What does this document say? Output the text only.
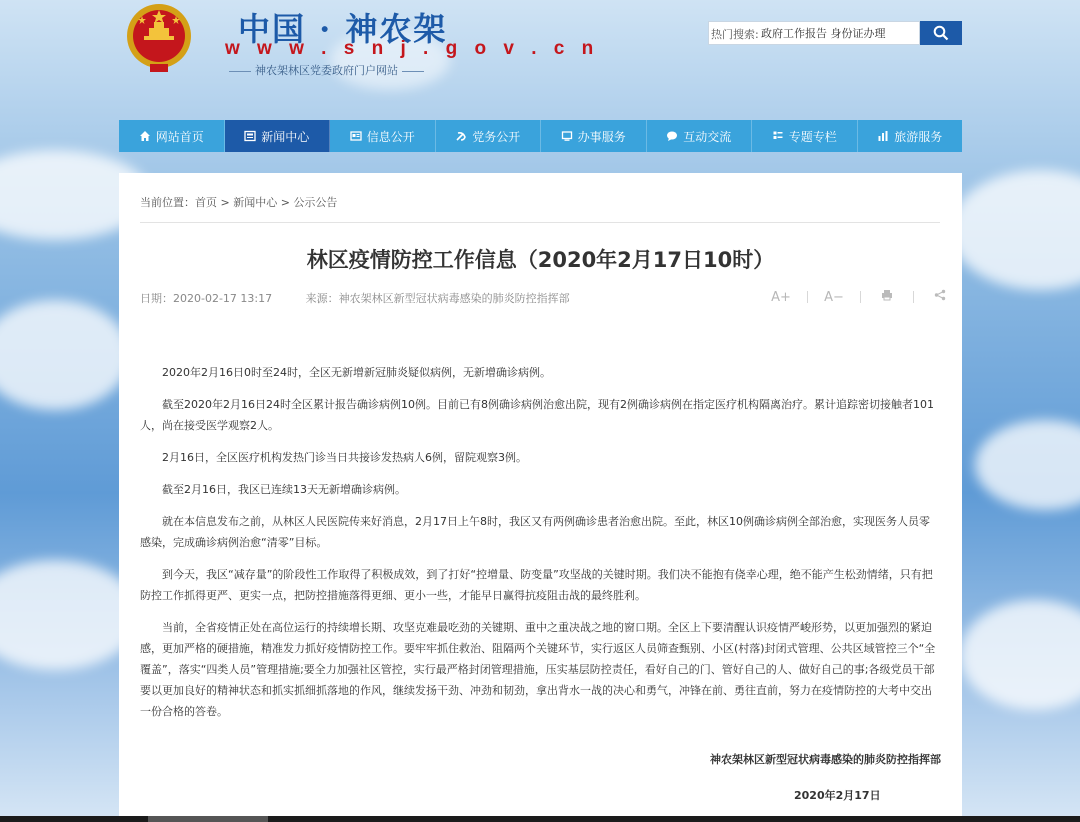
中国 · 神农架
w w w . s n j . g o v . c n
神农架林区党委政府门户网站
热门搜索:
政府工作报告 身份证办理
网站首页	新闻中心	信息公开	党务公开	办事服务	互动交流	专题专栏	旅游服务
当前位置：首页 > 新闻中心 > 公示公告
林区疫情防控工作信息（2020年2月17日10时）
日期：2020-02-17 13:17	来源：神农架林区新型冠状病毒感染的肺炎防控指挥部	A+	A−

2020年2月16日0时至24时，全区无新增新冠肺炎疑似病例，无新增确诊病例。

截至2020年2月16日24时全区累计报告确诊病例10例。目前已有8例确诊病例治愈出院，现有2例确诊病例在指定医疗机构隔离治疗。累计追踪密切接触者101人，尚在接受医学观察2人。

2月16日，全区医疗机构发热门诊当日共接诊发热病人6例，留院观察3例。

截至2月16日，我区已连续13天无新增确诊病例。

就在本信息发布之前，从林区人民医院传来好消息，2月17日上午8时，我区又有两例确诊患者治愈出院。至此，林区10例确诊病例全部治愈，实现医务人员零感染，完成确诊病例治愈“清零”目标。

到今天，我区“减存量”的阶段性工作取得了积极成效，到了打好“控增量、防变量”攻坚战的关键时期。我们决不能抱有侥幸心理，绝不能产生松劲情绪，只有把防控工作抓得更严、更实一点，把防控措施落得更细、更小一些，才能早日赢得抗疫阻击战的最终胜利。

当前，全省疫情正处在高位运行的持续增长期、攻坚克难最吃劲的关键期、重中之重决战之地的窗口期。全区上下要清醒认识疫情严峻形势，以更加强烈的紧迫感，更加严格的硬措施，精准发力抓好疫情防控工作。要牢牢抓住救治、阻隔两个关键环节，实行返区人员筛查甄别、小区(村落)封闭式管理、公共区域管控三个“全覆盖”，落实“四类人员”管理措施;要全力加强社区管控，实行最严格封闭管理措施，压实基层防控责任，看好自己的门、管好自己的人、做好自己的事;各级党员干部要以更加良好的精神状态和抓实抓细抓落地的作风，继续发扬干劲、冲劲和韧劲，拿出背水一战的决心和勇气，冲锋在前、勇往直前，努力在疫情防控的大考中交出一份合格的答卷。

神农架林区新型冠状病毒感染的肺炎防控指挥部
2020年2月17日
